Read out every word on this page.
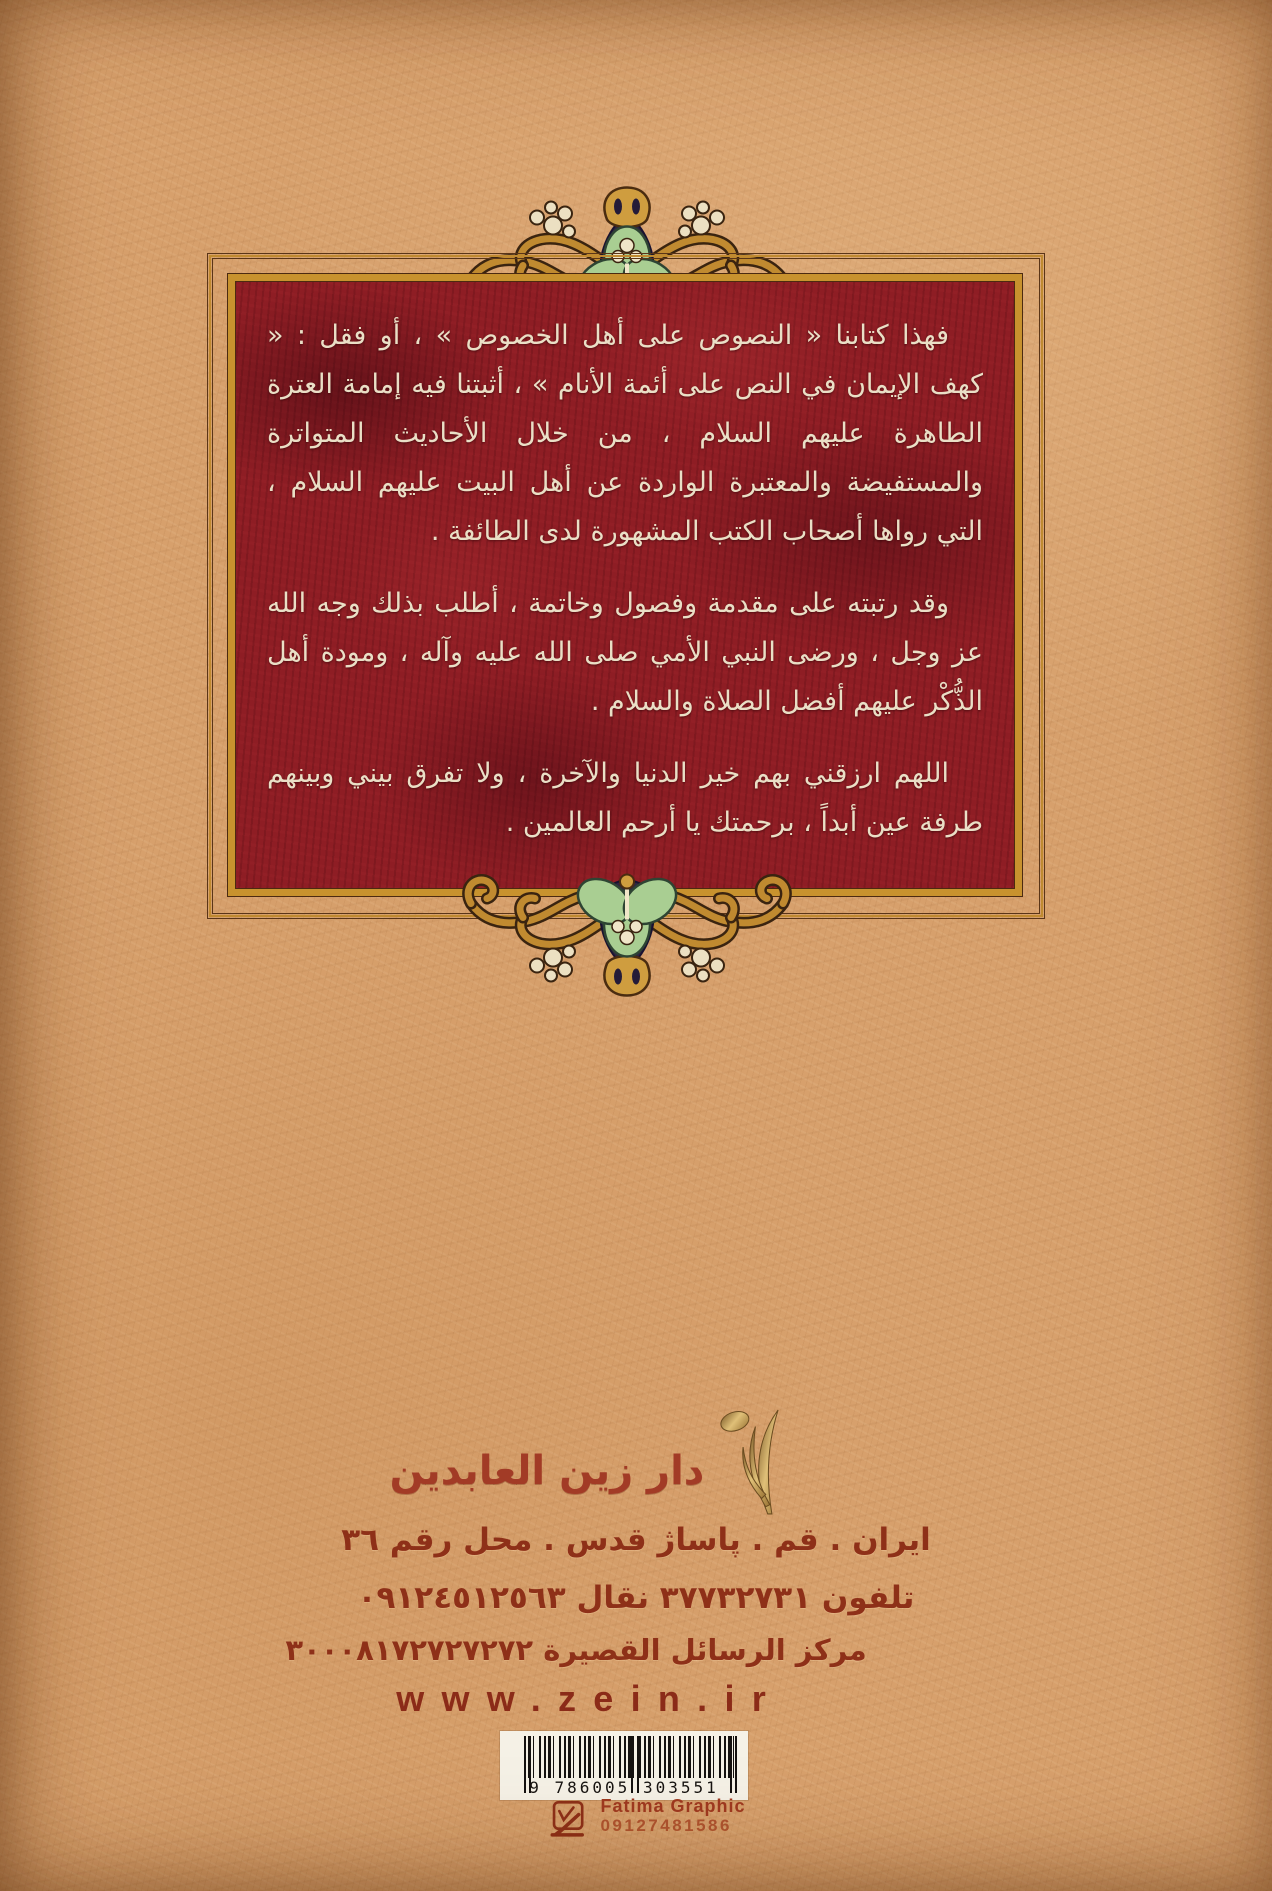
فهذا كتابنا « النصوص على أهل الخصوص » ، أو فقل : « كهف الإيمان في النص على أئمة الأنام » ، أثبتنا فيه إمامة العترة الطاهرة عليهم السلام ، من خلال الأحاديث المتواترة والمستفيضة والمعتبرة الواردة عن أهل البيت عليهم السلام ، التي رواها أصحاب الكتب المشهورة لدى الطائفة .

وقد رتبته على مقدمة وفصول وخاتمة ، أطلب بذلك وجه الله عز وجل ، ورضى النبي الأمي صلى الله عليه وآله ، ومودة أهل الذُّكْر عليهم أفضل الصلاة والسلام .

اللهم ارزقني بهم خير الدنيا والآخرة ، ولا تفرق بيني وبينهم طرفة عين أبداً ، برحمتك يا أرحم العالمين .

دار زين العابدين
ايران . قم . پاساژ قدس . محل رقم ٣٦
تلفون ٣٧٧٣٢٧٣١ نقال ٠٩١٢٤٥١٢٥٦٣
مركز الرسائل القصيرة ٣٠٠٠٨١٧٢٧٢٧٢٧٢
www.zein.ir
9 786005 303551
Fatima Graphic
09127481586
